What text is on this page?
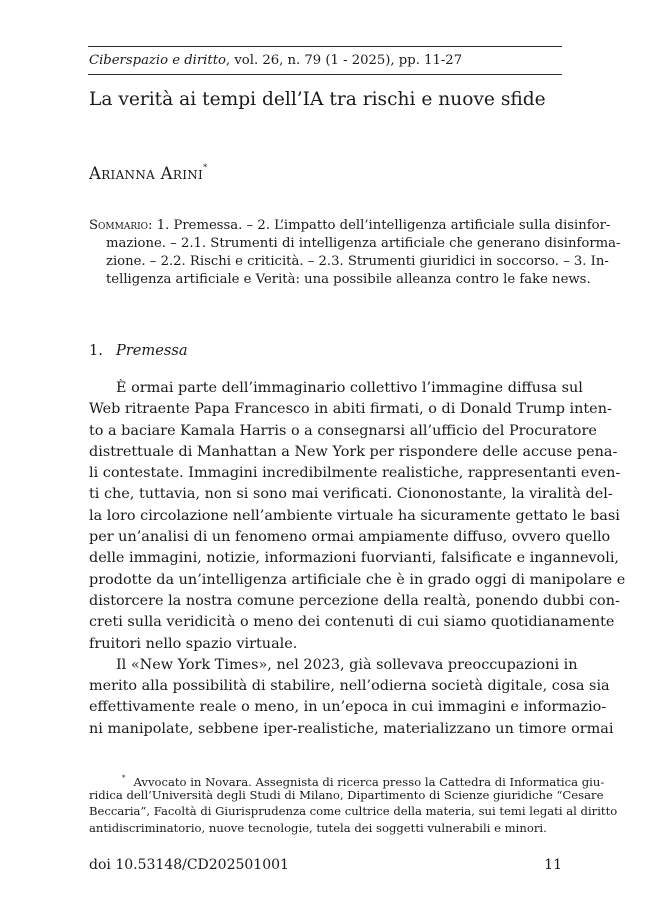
Ciberspazio e diritto, vol. 26, n. 79 (1 - 2025), pp. 11-27
La verità ai tempi dell’IA tra rischi e nuove sfide
Arianna Arini*
Sommario: 1. Premessa. – 2. L’impatto dell’intelligenza artificiale sulla disinfor-
mazione. – 2.1. Strumenti di intelligenza artificiale che generano disinforma-
zione. – 2.2. Rischi e criticità. – 2.3. Strumenti giuridici in soccorso. – 3. In-
telligenza artificiale e Verità: una possibile alleanza contro le fake news.
1. Premessa
È ormai parte dell’immaginario collettivo l’immagine diffusa sul
Web ritraente Papa Francesco in abiti firmati, o di Donald Trump inten-
to a baciare Kamala Harris o a consegnarsi all’ufficio del Procuratore
distrettuale di Manhattan a New York per rispondere delle accuse pena-
li contestate. Immagini incredibilmente realistiche, rappresentanti even-
ti che, tuttavia, non si sono mai verificati. Ciononostante, la viralità del-
la loro circolazione nell’ambiente virtuale ha sicuramente gettato le basi
per un’analisi di un fenomeno ormai ampiamente diffuso, ovvero quello
delle immagini, notizie, informazioni fuorvianti, falsificate e ingannevoli,
prodotte da un’intelligenza artificiale che è in grado oggi di manipolare e
distorcere la nostra comune percezione della realtà, ponendo dubbi con-
creti sulla veridicità o meno dei contenuti di cui siamo quotidianamente
fruitori nello spazio virtuale.
Il «New York Times», nel 2023, già sollevava preoccupazioni in
merito alla possibilità di stabilire, nell’odierna società digitale, cosa sia
effettivamente reale o meno, in un’epoca in cui immagini e informazio-
ni manipolate, sebbene iper-realistiche, materializzano un timore ormai
* Avvocato in Novara. Assegnista di ricerca presso la Cattedra di Informatica giu-
ridica dell’Università degli Studi di Milano, Dipartimento di Scienze giuridiche “Cesare
Beccaria”, Facoltà di Giurisprudenza come cultrice della materia, sui temi legati al diritto
antidiscriminatorio, nuove tecnologie, tutela dei soggetti vulnerabili e minori.
doi 10.53148/CD202501001	11
